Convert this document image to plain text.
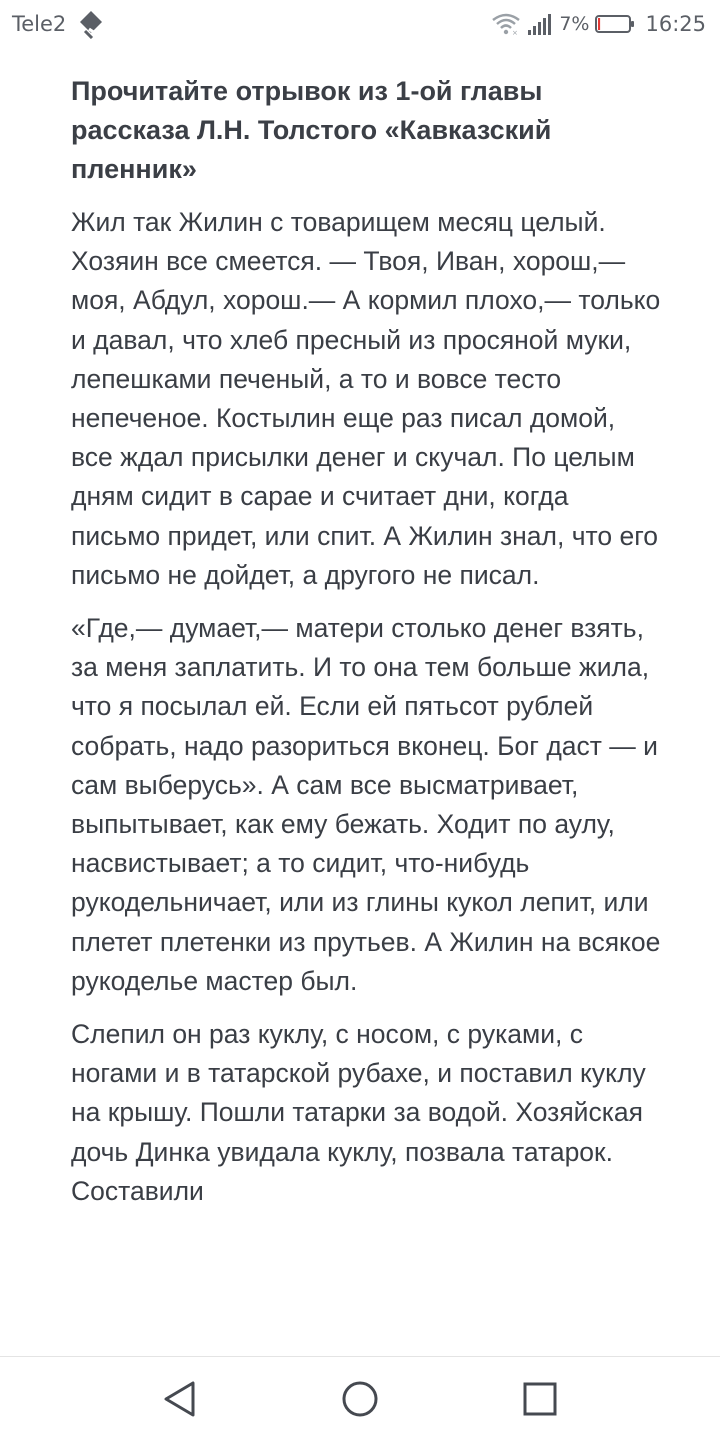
Tele2	× 7%	16:25
Прочитайте отрывок из 1-ой главы рассказа Л.Н. Толстого «Кавказский пленник»

Жил так Жилин с товарищем месяц целый. Хозяин все смеется. — Твоя, Иван, хорош,— моя, Абдул, хорош.— А кормил плохо,— только и давал, что хлеб пресный из просяной муки, лепешками печеный, а то и вовсе тесто непеченое. Костылин еще раз писал домой, все ждал присылки денег и скучал. По целым дням сидит в сарае и считает дни, когда письмо придет, или спит. А Жилин знал, что его письмо не дойдет, а другого не писал.

«Где,— думает,— матери столько денег взять, за меня заплатить. И то она тем больше жила, что я посылал ей. Если ей пятьсот рублей собрать, надо разориться вконец. Бог даст — и сам выберусь». А сам все высматривает, выпытывает, как ему бежать. Ходит по аулу, насвистывает; а то сидит, что-нибудь рукодельничает, или из глины кукол лепит, или плетет плетенки из прутьев. А Жилин на всякое рукоделье мастер был.

Слепил он раз куклу, с носом, с руками, с ногами и в татарской рубахе, и поставил куклу на крышу. Пошли татарки за водой. Хозяйская дочь Динка увидала куклу, позвала татарок. Составили
